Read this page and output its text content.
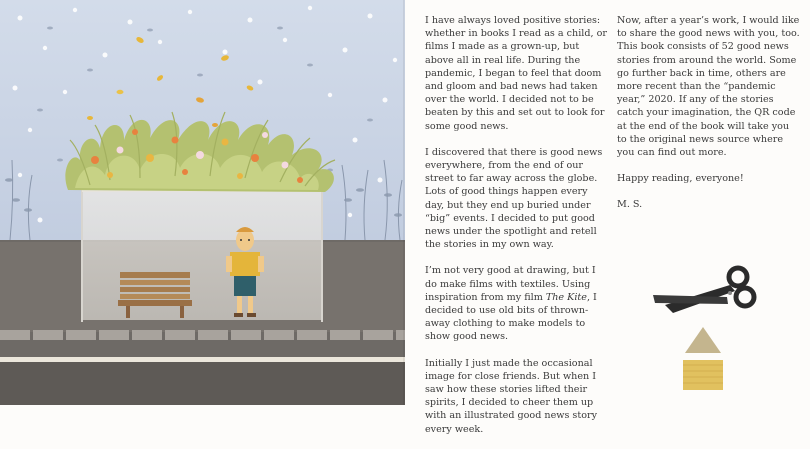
I have always loved positive stories: whether in books I read as a child, or films I made as a grown-up, but above all in real life. During the pandemic, I began to feel that doom and gloom and bad news had taken over the world. I decided not to be beaten by this and set out to look for some good news.

I discovered that there is good news everywhere, from the end of our street to far away across the globe. Lots of good things happen every day, but they end up buried under “big” events. I decided to put good news under the spotlight and retell the stories in my own way.

I’m not very good at drawing, but I do make films with textiles. Using inspiration from my film The Kite, I decided to use old bits of thrown-away clothing to make models to show good news.

Initially I just made the occasional image for close friends. But when I saw how these stories lifted their spirits, I decided to cheer them up with an illustrated good news story every week.

Now, after a year’s work, I would like to share the good news with you, too. This book consists of 52 good news stories from around the world. Some go further back in time, others are more recent than the “pandemic year,” 2020. If any of the stories catch your imagination, the QR code at the end of the book will take you to the original news source where you can find out more.

Happy reading, everyone!

M. S.
